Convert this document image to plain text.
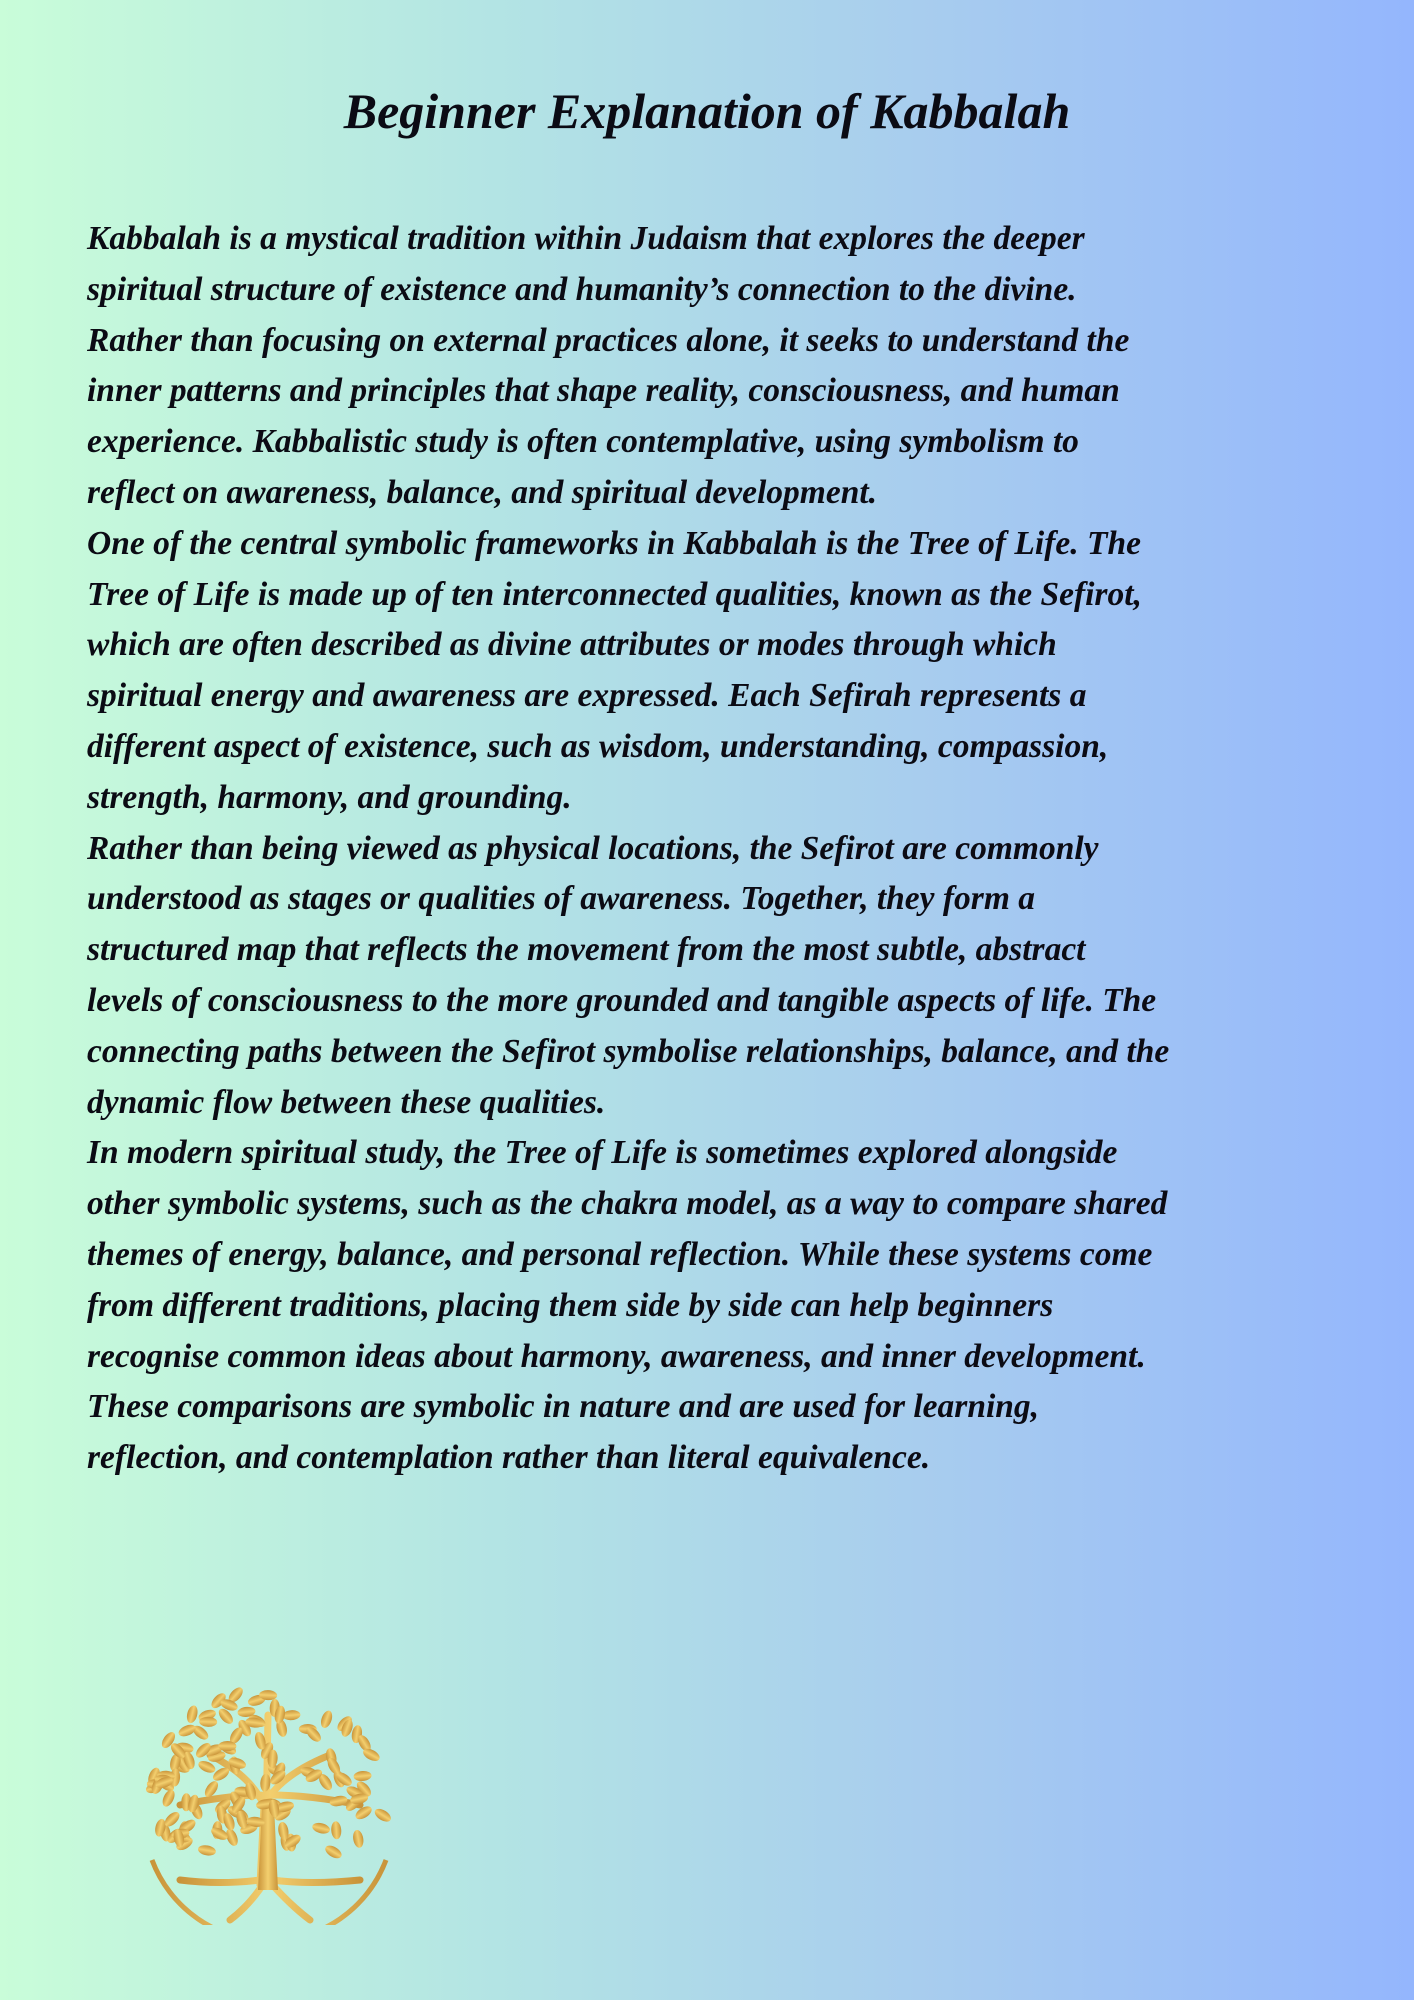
Beginner Explanation of Kabbalah
Kabbalah is a mystical tradition within Judaism that explores the deeper
spiritual structure of existence and humanity’s connection to the divine.
Rather than focusing on external practices alone, it seeks to understand the
inner patterns and principles that shape reality, consciousness, and human
experience. Kabbalistic study is often contemplative, using symbolism to
reflect on awareness, balance, and spiritual development.
One of the central symbolic frameworks in Kabbalah is the Tree of Life. The
Tree of Life is made up of ten interconnected qualities, known as the Sefirot,
which are often described as divine attributes or modes through which
spiritual energy and awareness are expressed. Each Sefirah represents a
different aspect of existence, such as wisdom, understanding, compassion,
strength, harmony, and grounding.
Rather than being viewed as physical locations, the Sefirot are commonly
understood as stages or qualities of awareness. Together, they form a
structured map that reflects the movement from the most subtle, abstract
levels of consciousness to the more grounded and tangible aspects of life. The
connecting paths between the Sefirot symbolise relationships, balance, and the
dynamic flow between these qualities.
In modern spiritual study, the Tree of Life is sometimes explored alongside
other symbolic systems, such as the chakra model, as a way to compare shared
themes of energy, balance, and personal reflection. While these systems come
from different traditions, placing them side by side can help beginners
recognise common ideas about harmony, awareness, and inner development.
These comparisons are symbolic in nature and are used for learning,
reflection, and contemplation rather than literal equivalence.
